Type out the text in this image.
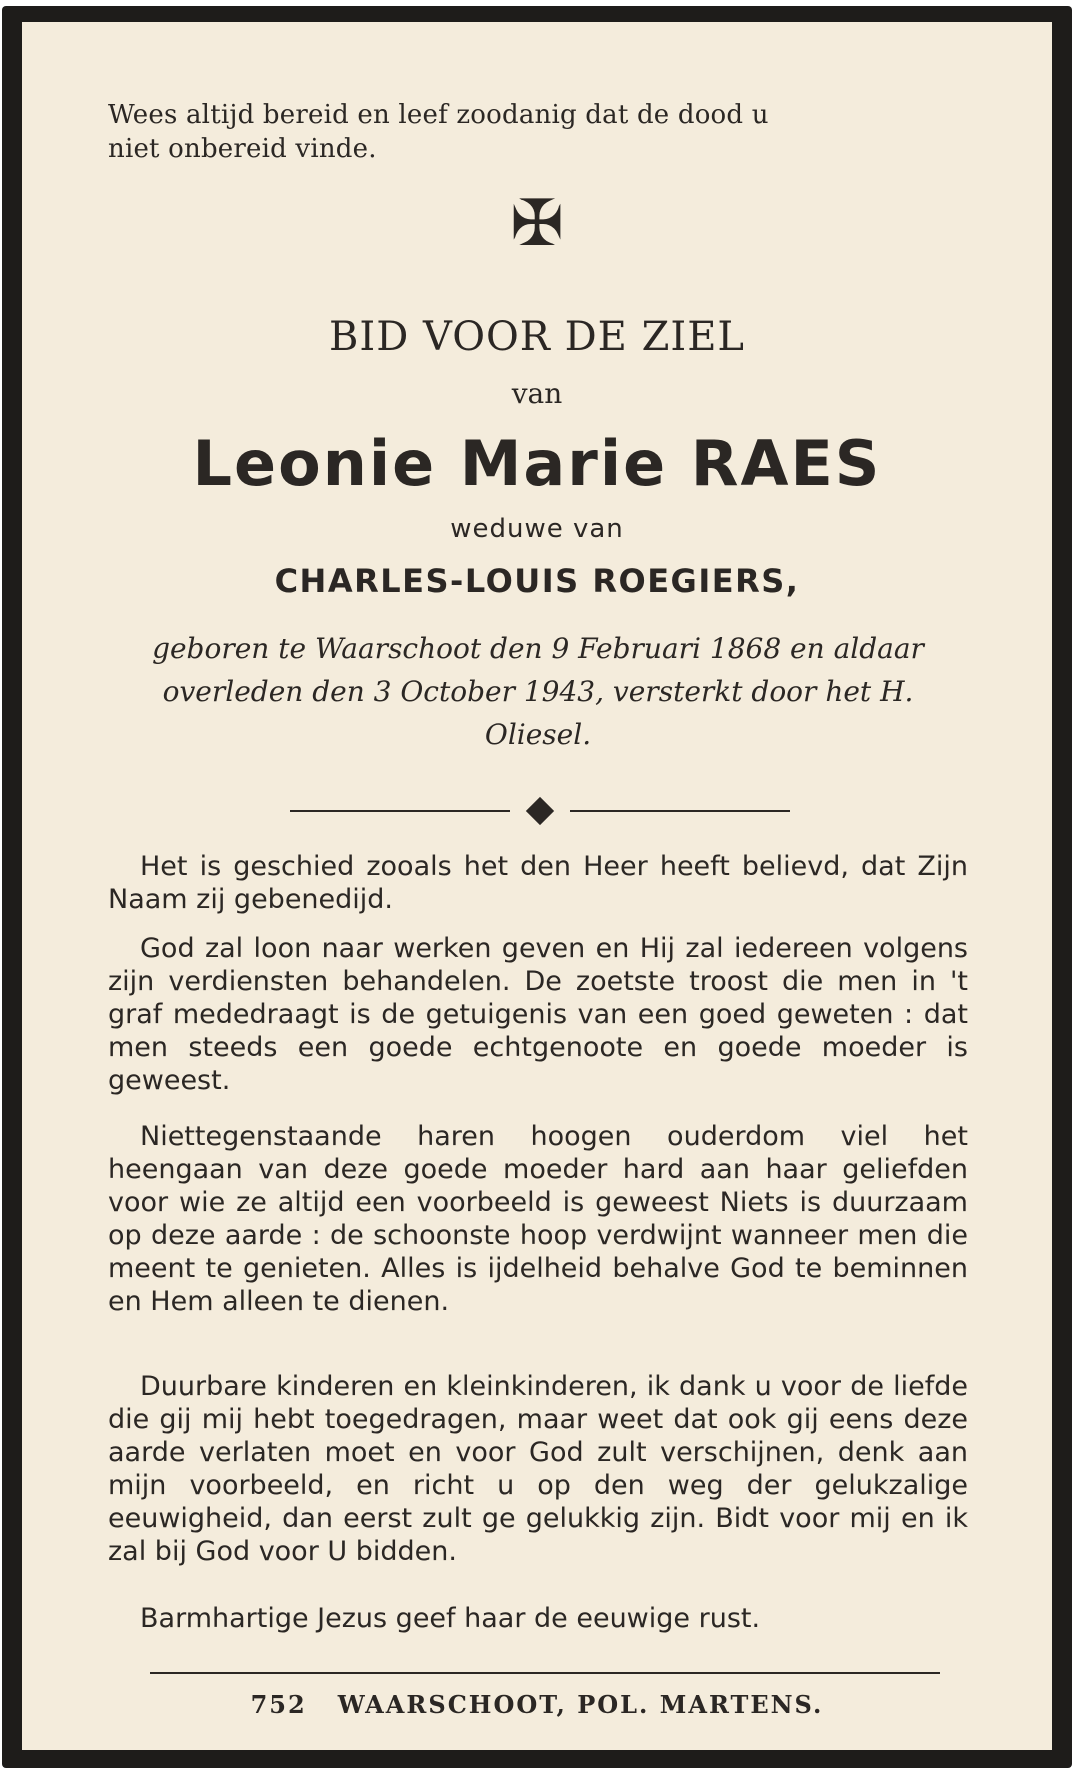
Wees altijd bereid en leef zoodanig dat de dood u
niet onbereid vinde.

✠
BID VOOR DE ZIEL
van
Leonie Marie RAES
weduwe van
CHARLES-LOUIS ROEGIERS,

geboren te Waarschoot den 9 Februari 1868 en aldaar overleden den 3 October 1943, versterkt door het H. Oliesel.

Het is geschied zooals het den Heer heeft believd, dat Zijn Naam zij gebenedijd.

God zal loon naar werken geven en Hij zal iedereen volgens zijn verdiensten behandelen. De zoetste troost die men in 't graf mededraagt is de getuigenis van een goed geweten : dat men steeds een goede echtgenoote en goede moeder is geweest.

Niettegenstaande haren hoogen ouderdom viel het heengaan van deze goede moeder hard aan haar geliefden voor wie ze altijd een voorbeeld is geweest Niets is duurzaam op deze aarde : de schoonste hoop verdwijnt wanneer men die meent te genieten. Alles is ijdelheid behalve God te beminnen en Hem alleen te dienen.

Duurbare kinderen en kleinkinderen, ik dank u voor de liefde die gij mij hebt toegedragen, maar weet dat ook gij eens deze aarde verlaten moet en voor God zult verschijnen, denk aan mijn voorbeeld, en richt u op den weg der gelukzalige eeuwigheid, dan eerst zult ge gelukkig zijn. Bidt voor mij en ik zal bij God voor U bidden.

Barmhartige Jezus geef haar de eeuwige rust.

752   WAARSCHOOT, POL. MARTENS.
